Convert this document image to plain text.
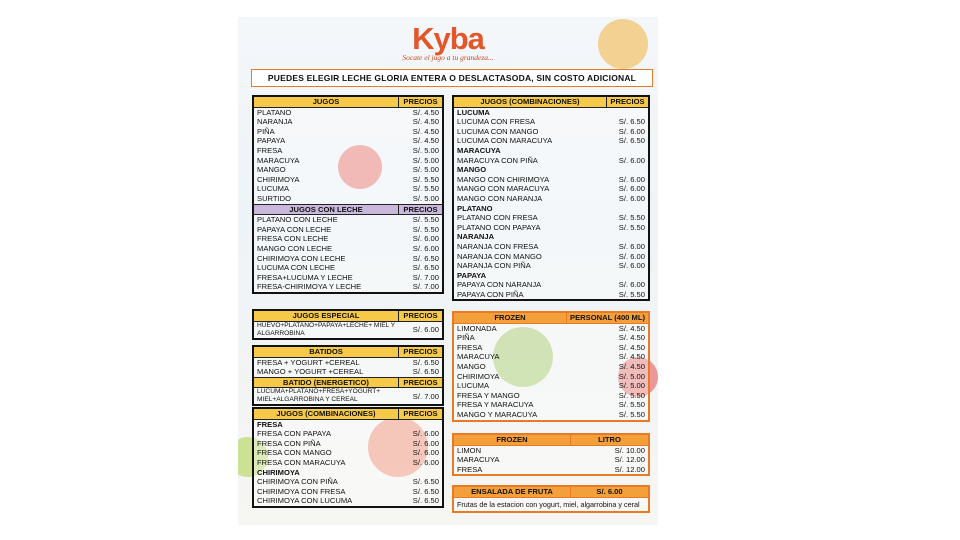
Kyba
Socate el jugo a tu grandeza...
PUEDES ELEGIR LECHE GLORIA ENTERA O DESLACTASODA, SIN COSTO ADICIONAL
JUGOS	PRECIOS
PLATANO	S/. 4.50
NARANJA	S/. 4.50
PIÑA	S/. 4.50
PAPAYA	S/. 4.50
FRESA	S/. 5.00
MARACUYA	S/. 5.00
MANGO	S/. 5.00
CHIRIMOYA	S/. 5.50
LUCUMA	S/. 5.50
SURTIDO	S/. 5.00
JUGOS CON LECHE	PRECIOS
PLATANO CON LECHE	S/. 5.50
PAPAYA CON LECHE	S/. 5.50
FRESA CON LECHE	S/. 6.00
MANGO CON LECHE	S/. 6.00
CHIRIMOYA CON LECHE	S/. 6.50
LUCUMA CON LECHE	S/. 6.50
FRESA+LUCUMA Y LECHE	S/. 7.00
FRESA-CHIRIMOYA Y LECHE	S/. 7.00
JUGOS ESPECIAL	PRECIOS
HUEVO+PLATANO+PAPAYA+LECHE+ MIEL Y ALGARROBINA	S/. 6.00
BATIDOS	PRECIOS
FRESA + YOGURT +CEREAL	S/. 6.50
MANGO + YOGURT +CEREAL	S/. 6.50
BATIDO (ENERGETICO)	PRECIOS
LUCUMA+PLATANO+FRESA+YOGURT+ MIEL+ALGARROBINA Y CEREAL	S/. 7.00
JUGOS (COMBINACIONES)	PRECIOS
FRESA	
FRESA CON PAPAYA	S/. 6.00
FRESA CON PIÑA	S/. 6.00
FRESA CON MANGO	S/. 6.00
FRESA CON MARACUYA	S/. 6.00
CHIRIMOYA	
CHIRIMOYA CON PIÑA	S/. 6.50
CHIRIMOYA CON FRESA	S/. 6.50
CHIRIMOYA CON LUCUMA	S/. 6.50
JUGOS (COMBINACIONES)	PRECIOS
LUCUMA	
LUCUMA CON FRESA	S/. 6.50
LUCUMA CON MANGO	S/. 6.00
LUCUMA CON MARACUYA	S/. 6.50
MARACUYA	
MARACUYA CON PIÑA	S/. 6.00
MANGO	
MANGO CON CHIRIMOYA	S/. 6.00
MANGO CON MARACUYA	S/. 6.00
MANGO CON NARANJA	S/. 6.00
PLATANO	
PLATANO CON FRESA	S/. 5.50
PLATANO CON PAPAYA	S/. 5.50
NARANJA	
NARANJA CON FRESA	S/. 6.00
NARANJA CON MANGO	S/. 6.00
NARANJA CON PIÑA	S/. 6.00
PAPAYA	
PAPAYA CON NARANJA	S/. 6.00
PAPAYA CON PIÑA	S/. 5.50
FROZEN	PERSONAL (400 ML)
LIMONADA	S/. 4.50
PIÑA	S/. 4.50
FRESA	S/. 4.50
MARACUYA	S/. 4.50
MANGO	S/. 4.50
CHIRIMOYA	S/. 5.00
LUCUMA	S/. 5.00
FRESA Y MANGO	S/. 5.50
FRESA Y MARACUYA	S/. 5.50
MANGO Y MARACUYA	S/. 5.50
FROZEN	LITRO
LIMON	S/. 10.00
MARACUYA	S/. 12.00
FRESA	S/. 12.00
ENSALADA DE FRUTA	S/. 6.00
Frutas de la estacion con yogurt, miel, algarrobina y ceral
